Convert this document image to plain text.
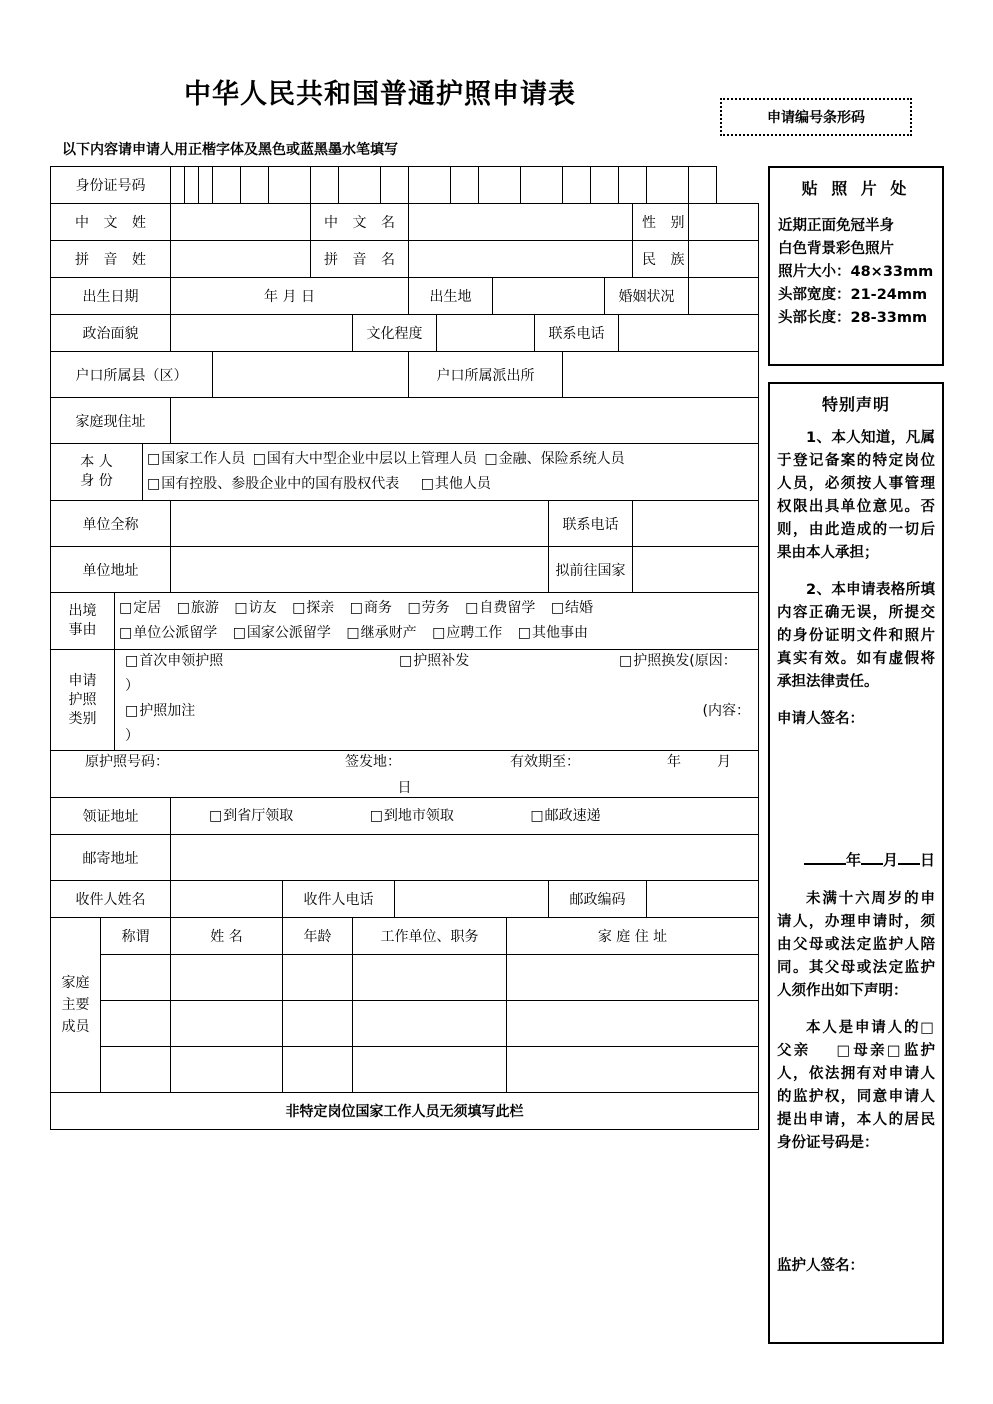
中华人民共和国普通护照申请表
申请编号条形码
以下内容请申请人用正楷字体及黑色或蓝黑墨水笔填写
身份证号码																															
中 文 姓											中 文 名																		性 别		
拼 音 姓											拼 音 名																		民 族		
出生日期				年 月 日												出生地											婚姻状况				
政治面貌													文化程度										联系电话								
户口所属县（区）																户口所属派出所															
家庭现住址																															

本 人
身 份

□ 国家工作人员 □ 国有大中型企业中层以上管理人员 □ 金融、保险系统人员
□ 国有控股、参股企业中的国有股权代表	□ 其他人员

单位全称																								联系电话							
单位地址																								拟前往国家							

出境
事由

□ 定居 □ 旅游 □ 访友 □ 探亲 □ 商务 □ 劳务 □ 自费留学 □ 结婚
□ 单位公派留学 □ 国家公派留学 □ 继承财产 □ 应聘工作 □ 其他事由

申请
护照
类别

□ 首次申领护照	□ 护照补发	□ 护照换发(原因：
）
□ 护照加注	(内容：
）

原护照号码：	签发地：	有效期至：	年	月
日

领证地址				□ 到省厅领取 □ 到地市领取 □ 邮政速递
邮寄地址																															
收件人姓名										收件人电话														邮政编码							
家庭主要成员	称谓			姓 名						年龄			工作单位、职务								家 庭 住 址										

非特定岗位国家工作人员无须填写此栏																															
贴 照 片 处
近期正面免冠半身
白色背景彩色照片
照片大小：48×33mm
头部宽度：21-24mm
头部长度：28-33mm
特别声明

1、本人知道，凡属于登记备案的特定岗位人员，必须按人事管理权限出具单位意见。否则，由此造成的一切后果由本人承担；

2、本申请表格所填内容正确无误，所提交的身份证明文件和照片真实有效。如有虚假将承担法律责任。

申请人签名：

年 月 日

未满十六周岁的申请人，办理申请时，须由父母或法定监护人陪同。其父母或法定监护人须作出如下声明：

本人是申请人的□ 父亲	□ 母亲 □ 监护人，依法拥有对申请人的监护权，同意申请人提出申请，本人的居民身份证号码是：

监护人签名：
